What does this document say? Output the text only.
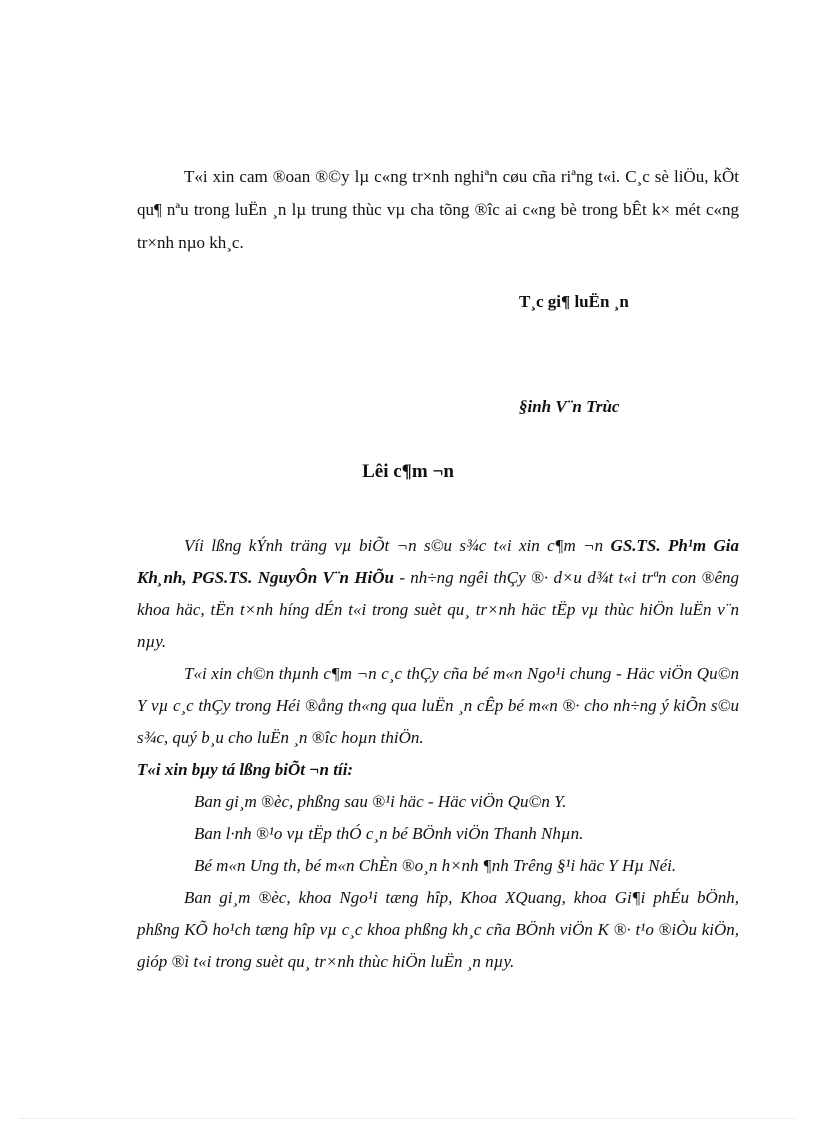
T«i xin cam ®oan ®©y lµ c«ng tr×nh nghiªn cøu cña riªng t«i. C¸c sè liÖu, kÕt qu¶ nªu trong luËn ¸n lµ trung thùc vµ cha tõng ®îc ai c«ng bè trong bÊt k× mét c«ng tr×nh nµo kh¸c.

T¸c gi¶ luËn ¸n

§inh V¨n Trùc

Lêi c¶m ¬n

Víi lßng kÝnh träng vµ biÕt ¬n s©u s¾c t«i xin c¶m ¬n GS.TS. Ph¹m Gia Kh¸nh, PGS.TS. NguyÔn V¨n HiÕu - nh÷ng ngêi thÇy ®· d×u d¾t t«i trªn con ®êng khoa häc, tËn t×nh híng dÉn t«i trong suèt qu¸ tr×nh häc tËp vµ thùc hiÖn luËn v¨n nµy.

T«i xin ch©n thµnh c¶m ¬n c¸c thÇy cña bé m«n Ngo¹i chung - Häc viÖn Qu©n Y vµ c¸c thÇy trong Héi ®ång th«ng qua luËn ¸n cÊp bé m«n ®· cho nh÷ng ý kiÕn s©u s¾c, quý b¸u cho luËn ¸n ®îc hoµn thiÖn.

T«i xin bµy tá lßng biÕt ¬n tíi:

Ban gi¸m ®èc, phßng sau ®¹i häc - Häc viÖn Qu©n Y.

Ban l·nh ®¹o vµ tËp thÓ c¸n bé BÖnh viÖn Thanh Nhµn.

Bé m«n Ung th, bé m«n ChÈn ®o¸n h×nh ¶nh Trêng §¹i häc Y Hµ Néi.

Ban gi¸m ®èc, khoa Ngo¹i tæng hîp, Khoa XQuang, khoa Gi¶i phÉu bÖnh, phßng KÕ ho¹ch tæng hîp vµ c¸c khoa phßng kh¸c cña BÖnh viÖn K ®· t¹o ®iÒu kiÖn, gióp ®ì t«i trong suèt qu¸ tr×nh thùc hiÖn luËn ¸n nµy.
